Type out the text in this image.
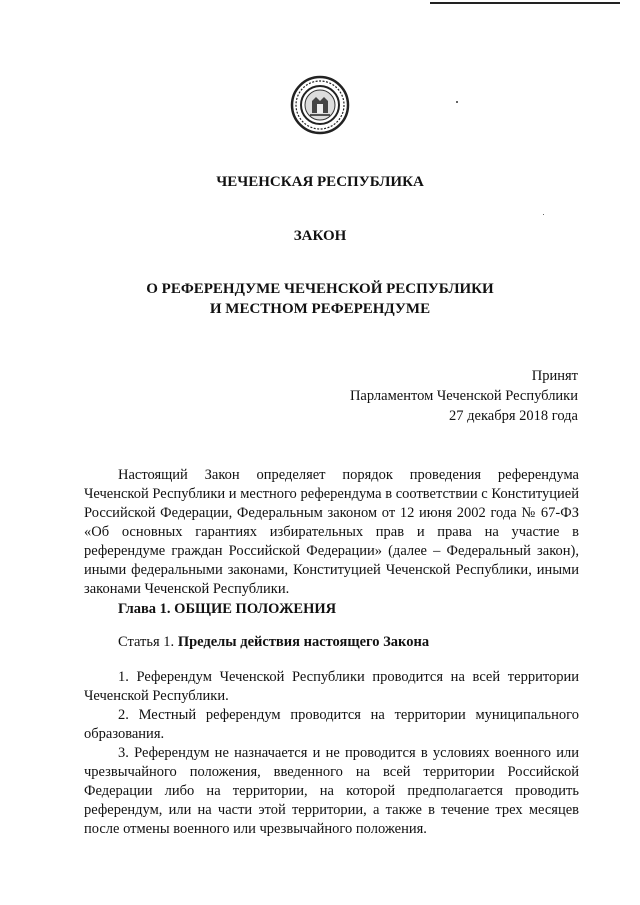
ЧЕЧЕНСКАЯ РЕСПУБЛИКА
ЗАКОН
О РЕФЕРЕНДУМЕ ЧЕЧЕНСКОЙ РЕСПУБЛИКИ
И МЕСТНОМ РЕФЕРЕНДУМЕ
Принят
Парламентом Чеченской Республики
27 декабря 2018 года

Настоящий Закон определяет порядок проведения референдума Чеченской Республики и местного референдума в соответствии с Конституцией Российской Федерации, Федеральным законом от 12 июня 2002 года № 67-ФЗ «Об основных гарантиях избирательных прав и права на участие в референдуме граждан Российской Федерации» (далее – Федеральный закон), иными федеральными законами, Конституцией Чеченской Республики, иными законами Чеченской Республики.

Глава 1. ОБЩИЕ ПОЛОЖЕНИЯ
Статья 1. Пределы действия настоящего Закона

1. Референдум Чеченской Республики проводится на всей территории Чеченской Республики.

2. Местный референдум проводится на территории муниципального образования.

3. Референдум не назначается и не проводится в условиях военного или чрезвычайного положения, введенного на всей территории Российской Федерации либо на территории, на которой предполагается проводить референдум, или на части этой территории, а также в течение трех месяцев после отмены военного или чрезвычайного положения.
